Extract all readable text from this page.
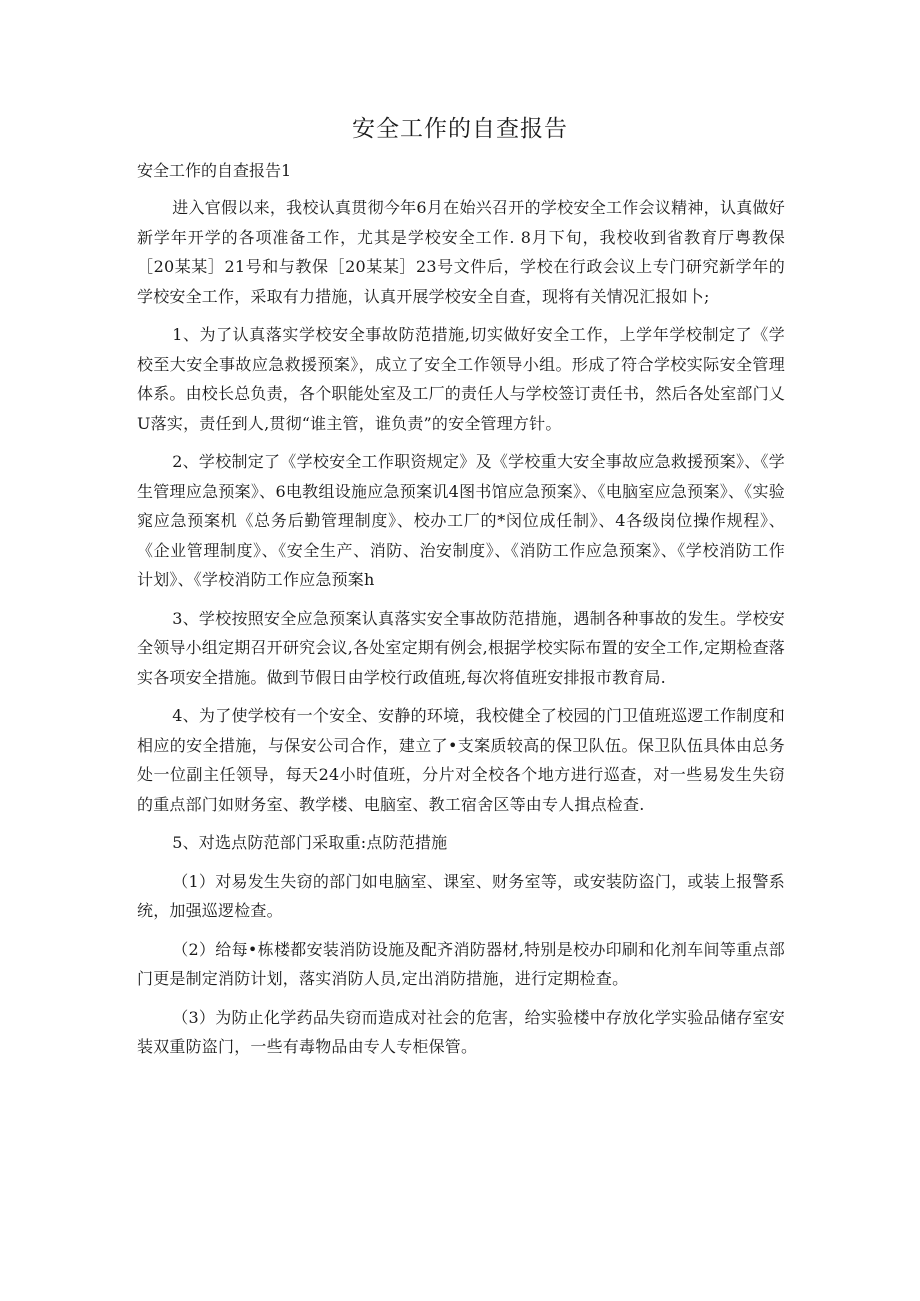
安全工作的自查报告

安全工作的自查报告1

进入官假以来，我校认真贯彻今年6月在始兴召开的学校安全工作会议精神，认真做好新学年开学的各项准备工作，尤其是学校安全工作. 8月下旬，我校收到省教育厅粤教保［20某某］21号和与教保［20某某］23号文件后，学校在行政会议上专门研究新学年的学校安全工作，采取有力措施，认真开展学校安全自查，现将有关情况汇报如卜;

1、为了认真落实学校安全事故防范措施,切实做好安全工作，上学年学校制定了《学校至大安全事故应急救援预案》，成立了安全工作领导小组。形成了符合学校实际安全管理体系。由校长总负责，各个职能处室及工厂的责任人与学校签订责任书，然后各处室部门乂U落实，责任到人,贯彻“谁主管，谁负责”的安全管理方针。

2、学校制定了《学校安全工作职资规定》及《学校重大安全事故应急救援预案》、《学生管理应急预案》、6电教组设施应急预案讥4图书馆应急预案》、《电脑室应急预案》、《实验窕应急预案机《总务后勤管理制度》、校办工厂的*闵位成任制》、4各级岗位操作规程》、《企业管理制度》、《安全生产、消防、治安制度》、《消防工作应急预案》、《学校消防工作计划》、《学校消防工作应急预案h

3、学校按照安全应急预案认真落实安全事故防范措施，遇制各种事故的发生。学校安全领导小组定期召开研究会议,各处室定期有例会,根据学校实际布置的安全工作,定期检查落实各项安全措施。做到节假日由学校行政值班,每次将值班安排报市教育局.

4、为了使学校有一个安全、安静的环境，我校健全了校园的门卫值班巡逻工作制度和相应的安全措施，与保安公司合作，建立了•支案质较高的保卫队伍。保卫队伍具体由总务处一位副主任领导，每天24小时值班，分片对全校各个地方进行巡查，对一些易发生失窃的重点部门如财务室、教学楼、电脑室、教工宿舍区等由专人揖点检查.

5、对选点防范部门采取重:点防范措施

（1）对易发生失窃的部门如电脑室、课室、财务室等，或安装防盗门，或装上报警系统，加强巡逻检查。

（2）给每•栋楼都安装消防设施及配齐消防器材,特别是校办印刷和化剂车间等重点部门更是制定消防计划，落实消防人员,定出消防措施，进行定期检查。

（3）为防止化学药品失窃而造成对社会的危害，给实验楼中存放化学实验品储存室安装双重防盗门，一些有毒物品由专人专柜保管。
